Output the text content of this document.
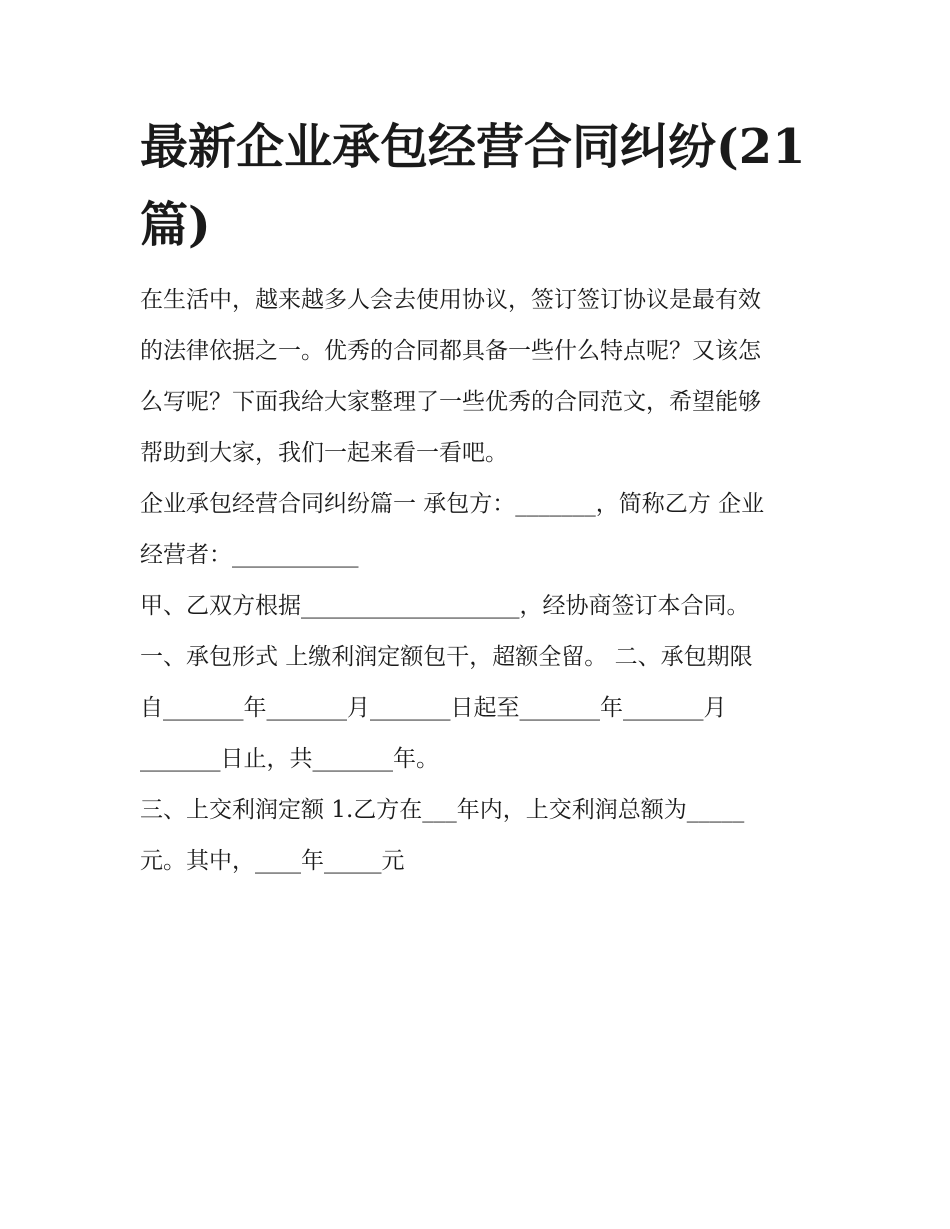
最新企业承包经营合同纠纷(21篇)

在生活中，越来越多人会去使用协议，签订签订协议是最有效

的法律依据之一。优秀的合同都具备一些什么特点呢？又该怎

么写呢？下面我给大家整理了一些优秀的合同范文，希望能够

帮助到大家，我们一起来看一看吧。

企业承包经营合同纠纷篇一 承包方：_______，简称乙方 企业

经营者：___________

甲、乙双方根据___________________，经协商签订本合同。

一、承包形式 上缴利润定额包干，超额全留。 二、承包期限

自_______年_______月_______日起至_______年_______月

_______日止，共_______年。

三、上交利润定额 1.乙方在___年内，上交利润总额为_____

元。其中，____年_____元
